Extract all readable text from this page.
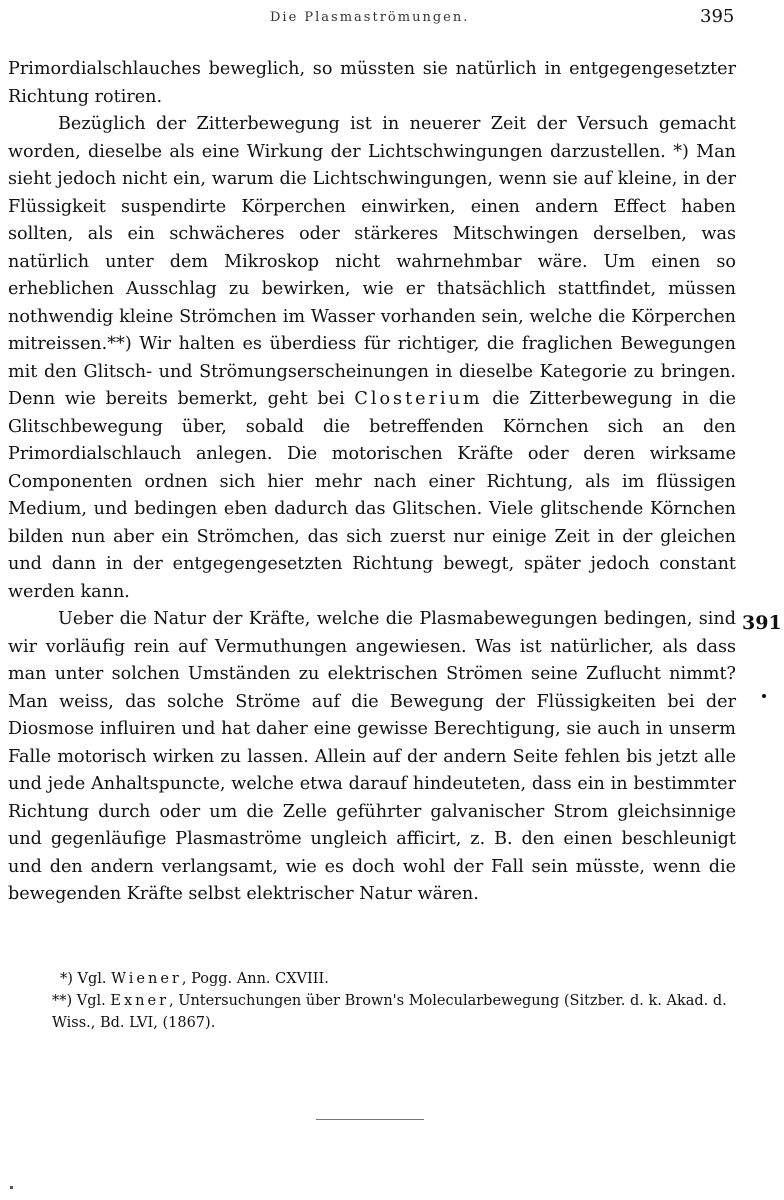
Die Plasmaströmungen.	395

Primordialschlauches beweglich, so müssten sie natürlich in entgegengesetzter Richtung rotiren.

Bezüglich der Zitterbewegung ist in neuerer Zeit der Versuch gemacht worden, dieselbe als eine Wirkung der Lichtschwingungen darzustellen. *) Man sieht jedoch nicht ein, warum die Lichtschwingungen, wenn sie auf kleine, in der Flüssigkeit suspendirte Körperchen einwirken, einen andern Effect haben sollten, als ein schwächeres oder stärkeres Mitschwingen derselben, was natürlich unter dem Mikroskop nicht wahrnehmbar wäre. Um einen so erheblichen Ausschlag zu bewirken, wie er thatsächlich stattfindet, müssen nothwendig kleine Strömchen im Wasser vorhanden sein, welche die Körperchen mitreissen.**) Wir halten es überdiess für richtiger, die fraglichen Bewegungen mit den Glitsch- und Strömungserscheinungen in dieselbe Kategorie zu bringen. Denn wie bereits bemerkt, geht bei Closterium die Zitterbewegung in die Glitschbewegung über, sobald die betreffenden Körnchen sich an den Primordialschlauch anlegen. Die motorischen Kräfte oder deren wirksame Componenten ordnen sich hier mehr nach einer Richtung, als im flüssigen Medium, und bedingen eben dadurch das Glitschen. Viele glitschende Körnchen bilden nun aber ein Strömchen, das sich zuerst nur einige Zeit in der gleichen und dann in der entgegengesetzten Richtung bewegt, später jedoch constant werden kann.

Ueber die Natur der Kräfte, welche die Plasmabewegungen bedingen, sind wir vorläufig rein auf Vermuthungen angewiesen. Was ist natürlicher, als dass man unter solchen Umständen zu elektrischen Strömen seine Zuflucht nimmt? Man weiss, das solche Ströme auf die Bewegung der Flüssigkeiten bei der Diosmose influiren und hat daher eine gewisse Berechtigung, sie auch in unserm Falle motorisch wirken zu lassen. Allein auf der andern Seite fehlen bis jetzt alle und jede Anhaltspuncte, welche etwa darauf hindeuteten, dass ein in bestimmter Richtung durch oder um die Zelle geführter galvanischer Strom gleichsinnige und gegenläufige Plasmaströme ungleich afficirt, z. B. den einen beschleunigt und den andern verlangsamt, wie es doch wohl der Fall sein müsste, wenn die bewegenden Kräfte selbst elektrischer Natur wären.

391

*) Vgl. Wiener, Pogg. Ann. CXVIII.

**) Vgl. Exner, Untersuchungen über Brown's Molecularbewegung (Sitzber. d. k. Akad. d. Wiss., Bd. LVI, (1867).
